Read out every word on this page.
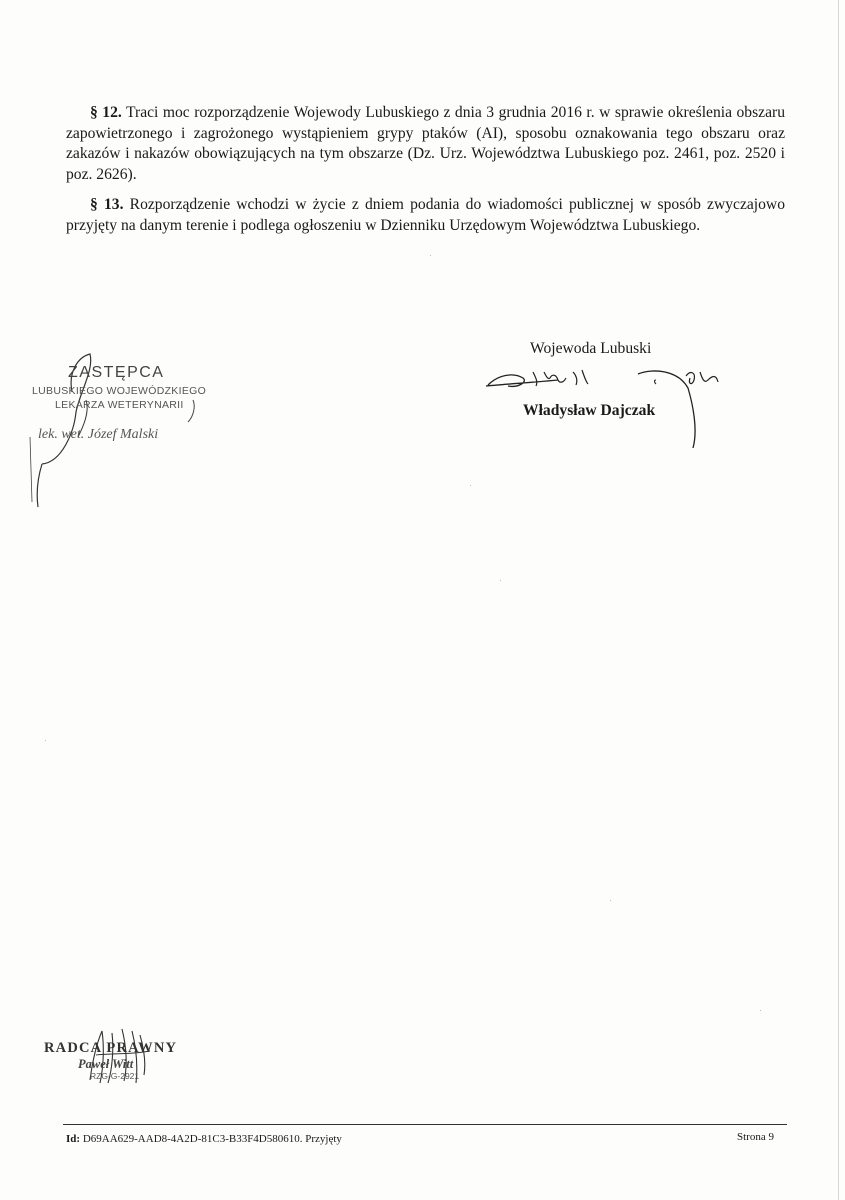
§ 12. Traci moc rozporządzenie Wojewody Lubuskiego z dnia 3 grudnia 2016 r. w sprawie określenia obszaru zapowietrzonego i zagrożonego wystąpieniem grypy ptaków (AI), sposobu oznakowania tego obszaru oraz zakazów i nakazów obowiązujących na tym obszarze (Dz. Urz. Województwa Lubuskiego poz. 2461, poz. 2520 i poz. 2626).

§ 13. Rozporządzenie wchodzi w życie z dniem podania do wiadomości publicznej w sposób zwyczajowo przyjęty na danym terenie i podlega ogłoszeniu w Dzienniku Urzędowym Województwa Lubuskiego.

ZASTĘPCA
LUBUSKIEGO WOJEWÓDZKIEGO
LEKARZA WETERYNARII
lek. wet. Józef Malski
Wojewoda Lubuski
Władysław Dajczak
RADCA PRAWNY
Paweł Witt
RZG-G-2921
Id: D69AA629-AAD8-4A2D-81C3-B33F4D580610. Przyjęty	Strona 9
